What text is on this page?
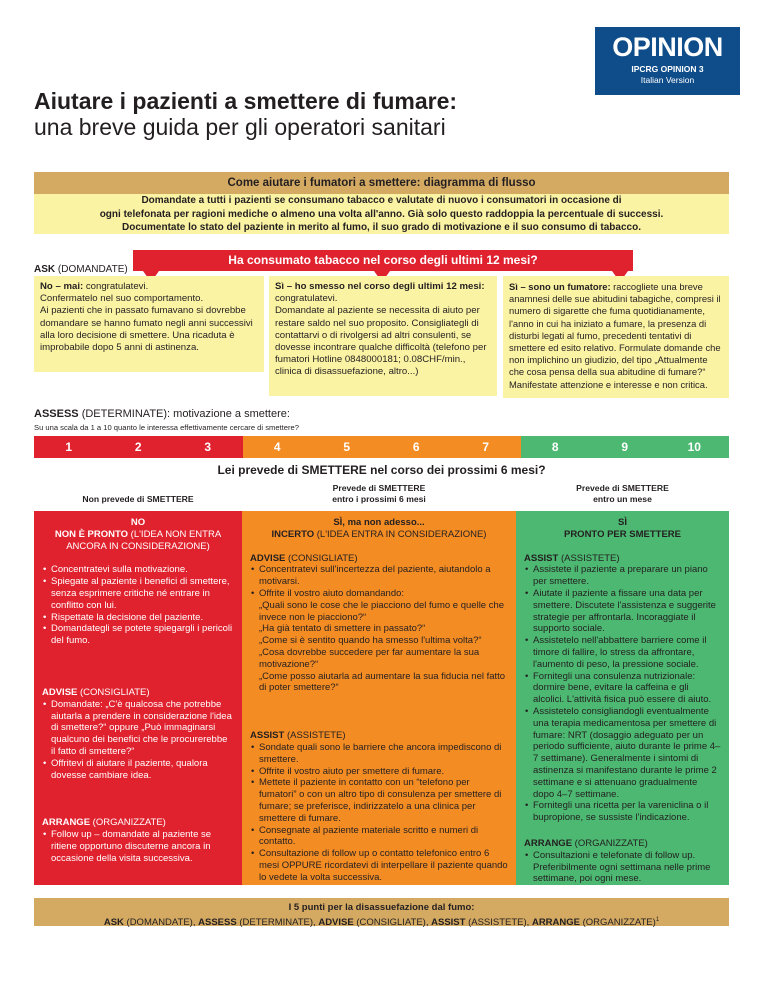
OPINION
IPCRG OPINION 3
Italian Version
Aiutare i pazienti a smettere di fumare:
una breve guida per gli operatori sanitari
Come aiutare i fumatori a smettere: diagramma di flusso
Domandate a tutti i pazienti se consumano tabacco e valutate di nuovo i consumatori in occasione di
ogni telefonata per ragioni mediche o almeno una volta all'anno. Già solo questo raddoppia la percentuale di successi.
Documentate lo stato del paziente in merito al fumo, il suo grado di motivazione e il suo consumo di tabacco.
ASK (DOMANDATE)
Ha consumato tabacco nel corso degli ultimi 12 mesi?
No – mai: congratulatevi.
Confermatelo nel suo comportamento.
Ai pazienti che in passato fumavano si dovrebbe domandare se hanno fumato negli anni successivi alla loro decisione di smettere. Una ricaduta è improbabile dopo 5 anni di astinenza.
Sì – ho smesso nel corso degli ultimi 12 mesi: congratulatevi.
Domandate al paziente se necessita di aiuto per restare saldo nel suo proposito. Consigliategli di contattarvi o di rivolgersi ad altri consulenti, se dovesse incontrare qualche difficoltà (telefono per fumatori Hotline 0848000181; 0.08CHF/min., clinica di disassuefazione, altro...)
Sì – sono un fumatore: raccogliete una breve anamnesi delle sue abitudini tabagiche, compresi il numero di sigarette che fuma quotidianamente, l'anno in cui ha iniziato a fumare, la presenza di disturbi legati al fumo, precedenti tentativi di smettere ed esito relativo. Formulate domande che non implichino un giudizio, del tipo „Attualmente che cosa pensa della sua abitudine di fumare?“ Manifestate attenzione e interesse e non critica.
ASSESS (DETERMINATE): motivazione a smettere:
Su una scala da 1 a 10 quanto le interessa effettivamente cercare di smettere?
1	2	3	4	5	6	7	8	9	10
Lei prevede di SMETTERE nel corso dei prossimi 6 mesi?
Non prevede di SMETTERE
Prevede di SMETTERE
entro i prossimi 6 mesi
Prevede di SMETTERE
entro un mese
NO
NON È PRONTO (L'IDEA NON ENTRA ANCORA IN CONSIDERAZIONE)
• Concentratevi sulla motivazione.
• Spiegate al paziente i benefici di smettere, senza esprimere critiche né entrare in conflitto con lui.
• Rispettate la decisione del paziente.
• Domandategli se potete spiegargli i pericoli del fumo.

ADVISE (CONSIGLIATE)

• Domandate: „C'è qualcosa che potrebbe aiutarla a prendere in considerazione l'idea di smettere?“ oppure „Può immaginarsi qualcuno dei benefici che le procurerebbe il fatto di smettere?“
• Offritevi di aiutare il paziente, qualora dovesse cambiare idea.

ARRANGE (ORGANIZZATE)

• Follow up – domandate al paziente se ritiene opportuno discuterne ancora in occasione della visita successiva.
SÌ, ma non adesso...
INCERTO (L'IDEA ENTRA IN CONSIDERAZIONE)

ADVISE (CONSIGLIATE)

• Concentratevi sull'incertezza del paziente, aiutandolo a motivarsi.
• Offrite il vostro aiuto domandando:
„Quali sono le cose che le piacciono del fumo e quelle che invece non le piacciono?“
„Ha già tentato di smettere in passato?“
„Come si è sentito quando ha smesso l'ultima volta?“
„Cosa dovrebbe succedere per far aumentare la sua motivazione?“
„Come posso aiutarla ad aumentare la sua fiducia nel fatto di poter smettere?“

ASSIST (ASSISTETE)

• Sondate quali sono le barriere che ancora impediscono di smettere.
• Offrite il vostro aiuto per smettere di fumare.
• Mettete il paziente in contatto con un “telefono per fumatori” o con un altro tipo di consulenza per smettere di fumare; se preferisce, indirizzatelo a una clinica per smettere di fumare.
• Consegnate al paziente materiale scritto e numeri di contatto.
• Consultazione di follow up o contatto telefonico entro 6 mesi OPPURE ricordatevi di interpellare il paziente quando lo vedete la volta successiva.
SÌ
PRONTO PER SMETTERE

ASSIST (ASSISTETE)

• Assistete il paziente a preparare un piano per smettere.
• Aiutate il paziente a fissare una data per smettere. Discutete l'assistenza e suggerite strategie per affrontarla. Incoraggiate il supporto sociale.
• Assistetelo nell'abbattere barriere come il timore di fallire, lo stress da affrontare, l'aumento di peso, la pressione sociale.
• Fornitegli una consulenza nutrizionale: dormire bene, evitare la caffeina e gli alcolici. L'attività fisica può essere di aiuto.
• Assistetelo consigliandogli eventualmente una terapia medicamentosa per smettere di fumare: NRT (dosaggio adeguato per un periodo sufficiente, aiuto durante le prime 4–7 settimane). Generalmente i sintomi di astinenza si manifestano durante le prime 2 settimane e si attenuano gradualmente dopo 4–7 settimane.
• Fornitegli una ricetta per la vareniclina o il bupropione, se sussiste l'indicazione.

ARRANGE (ORGANIZZATE)

• Consultazioni e telefonate di follow up. Preferibilmente ogni settimana nelle prime settimane, poi ogni mese.
I 5 punti per la disassuefazione dal fumo:
ASK (DOMANDATE), ASSESS (DETERMINATE), ADVISE (CONSIGLIATE), ASSIST (ASSISTETE), ARRANGE (ORGANIZZATE)$^1$
